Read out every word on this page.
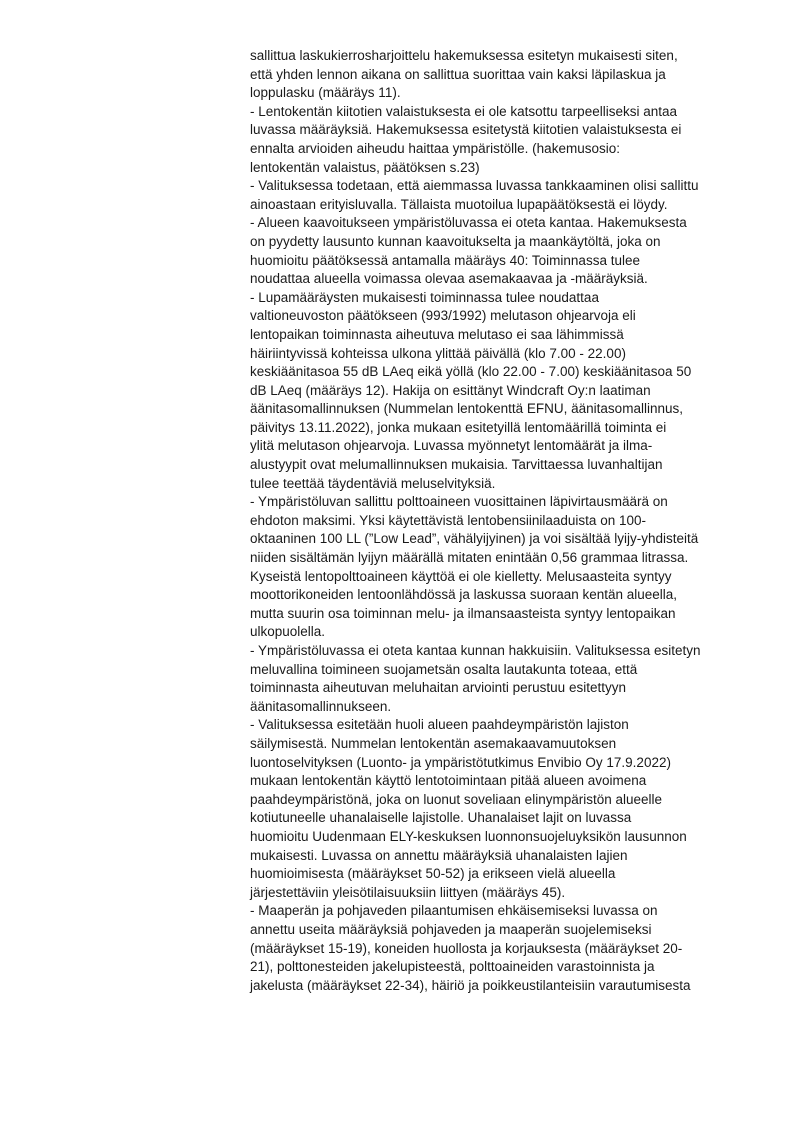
sallittua laskukierrosharjoittelu hakemuksessa esitetyn mukaisesti siten,
että yhden lennon aikana on sallittua suorittaa vain kaksi läpilaskua ja
loppulasku (määräys 11).
- Lentokentän kiitotien valaistuksesta ei ole katsottu tarpeelliseksi antaa
luvassa määräyksiä. Hakemuksessa esitetystä kiitotien valaistuksesta ei
ennalta arvioiden aiheudu haittaa ympäristölle. (hakemusosio:
lentokentän valaistus, päätöksen s.23)
- Valituksessa todetaan, että aiemmassa luvassa tankkaaminen olisi sallittu
ainoastaan erityisluvalla. Tällaista muotoilua lupapäätöksestä ei löydy.
- Alueen kaavoitukseen ympäristöluvassa ei oteta kantaa. Hakemuksesta
on pyydetty lausunto kunnan kaavoitukselta ja maankäytöltä, joka on
huomioitu päätöksessä antamalla määräys 40: Toiminnassa tulee
noudattaa alueella voimassa olevaa asemakaavaa ja -määräyksiä.
- Lupamääräysten mukaisesti toiminnassa tulee noudattaa
valtioneuvoston päätökseen (993/1992) melutason ohjearvoja eli
lentopaikan toiminnasta aiheutuva melutaso ei saa lähimmissä
häiriintyvissä kohteissa ulkona ylittää päivällä (klo 7.00 - 22.00)
keskiäänitasoa 55 dB LAeq eikä yöllä (klo 22.00 - 7.00) keskiäänitasoa 50
dB LAeq (määräys 12). Hakija on esittänyt Windcraft Oy:n laatiman
äänitasomallinnuksen (Nummelan lentokenttä EFNU, äänitasomallinnus,
päivitys 13.11.2022), jonka mukaan esitetyillä lentomäärillä toiminta ei
ylitä melutason ohjearvoja. Luvassa myönnetyt lentomäärät ja ilma-
alustyypit ovat melumallinnuksen mukaisia. Tarvittaessa luvanhaltijan
tulee teettää täydentäviä meluselvityksiä.
- Ympäristöluvan sallittu polttoaineen vuosittainen läpivirtausmäärä on
ehdoton maksimi. Yksi käytettävistä lentobensiinilaaduista on 100-
oktaaninen 100 LL (”Low Lead”, vähälyijyinen) ja voi sisältää lyijy-yhdisteitä
niiden sisältämän lyijyn määrällä mitaten enintään 0,56 grammaa litrassa.
Kyseistä lentopolttoaineen käyttöä ei ole kielletty. Melusaasteita syntyy
moottorikoneiden lentoonlähdössä ja laskussa suoraan kentän alueella,
mutta suurin osa toiminnan melu- ja ilmansaasteista syntyy lentopaikan
ulkopuolella.
- Ympäristöluvassa ei oteta kantaa kunnan hakkuisiin. Valituksessa esitetyn
meluvallina toimineen suojametsän osalta lautakunta toteaa, että
toiminnasta aiheutuvan meluhaitan arviointi perustuu esitettyyn
äänitasomallinnukseen.
- Valituksessa esitetään huoli alueen paahdeympäristön lajiston
säilymisestä. Nummelan lentokentän asemakaavamuutoksen
luontoselvityksen (Luonto- ja ympäristötutkimus Envibio Oy 17.9.2022)
mukaan lentokentän käyttö lentotoimintaan pitää alueen avoimena
paahdeympäristönä, joka on luonut soveliaan elinympäristön alueelle
kotiutuneelle uhanalaiselle lajistolle. Uhanalaiset lajit on luvassa
huomioitu Uudenmaan ELY-keskuksen luonnonsuojeluyksikön lausunnon
mukaisesti. Luvassa on annettu määräyksiä uhanalaisten lajien
huomioimisesta (määräykset 50-52) ja erikseen vielä alueella
järjestettäviin yleisötilaisuuksiin liittyen (määräys 45).
- Maaperän ja pohjaveden pilaantumisen ehkäisemiseksi luvassa on
annettu useita määräyksiä pohjaveden ja maaperän suojelemiseksi
(määräykset 15-19), koneiden huollosta ja korjauksesta (määräykset 20-
21), polttonesteiden jakelupisteestä, polttoaineiden varastoinnista ja
jakelusta (määräykset 22-34), häiriö ja poikkeustilanteisiin varautumisesta
